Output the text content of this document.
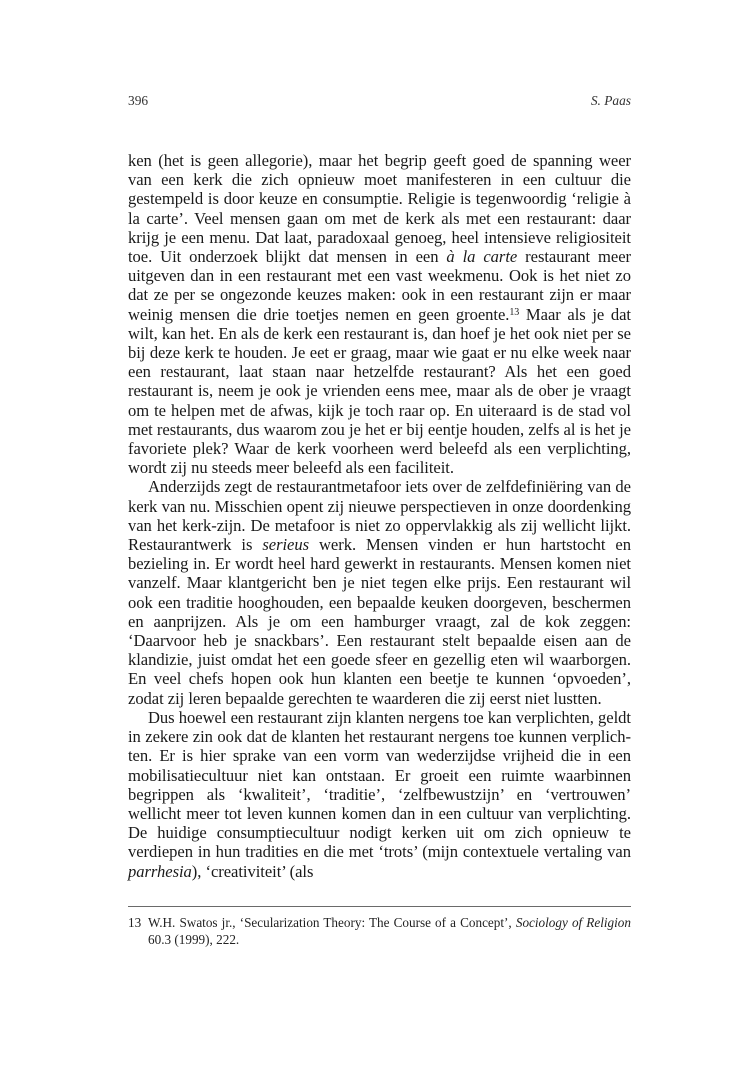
396	S. Paas

ken (het is geen allegorie), maar het begrip geeft goed de spanning weer van een kerk die zich opnieuw moet manifesteren in een cultuur die gestempeld is door keuze en consumptie. Religie is tegenwoordig ‘religie à la carte’. Veel mensen gaan om met de kerk als met een restaurant: daar krijg je een menu. Dat laat, paradoxaal genoeg, heel intensieve religiositeit toe. Uit onderzoek blijkt dat mensen in een à la carte restaurant meer uitgeven dan in een restaurant met een vast weekmenu. Ook is het niet zo dat ze per se ongezonde keuzes maken: ook in een restaurant zijn er maar weinig mensen die drie toetjes nemen en geen groente.$^{13}$ Maar als je dat wilt, kan het. En als de kerk een restaurant is, dan hoef je het ook niet per se bij deze kerk te houden. Je eet er graag, maar wie gaat er nu elke week naar een restaurant, laat staan naar hetzelfde restaurant? Als het een goed restaurant is, neem je ook je vrienden eens mee, maar als de ober je vraagt om te helpen met de afwas, kijk je toch raar op. En uiteraard is de stad vol met restaurants, dus waarom zou je het er bij eentje houden, zelfs al is het je favoriete plek? Waar de kerk voorheen werd beleefd als een verplichting, wordt zij nu steeds meer beleefd als een faciliteit.

Anderzijds zegt de restaurantmetafoor iets over de zelfdefiniëring van de kerk van nu. Misschien opent zij nieuwe perspectieven in onze doordenking van het kerk-zijn. De metafoor is niet zo oppervlakkig als zij wellicht lijkt. Restaurantwerk is serieus werk. Mensen vinden er hun hartstocht en bezieling in. Er wordt heel hard gewerkt in restaurants. Mensen komen niet vanzelf. Maar klantgericht ben je niet tegen elke prijs. Een restaurant wil ook een traditie hooghouden, een bepaalde keuken doorgeven, beschermen en aanprijzen. Als je om een hamburger vraagt, zal de kok zeggen: ‘Daarvoor heb je snackbars’. Een restaurant stelt bepaalde eisen aan de klandizie, juist omdat het een goede sfeer en gezellig eten wil waarborgen. En veel chefs hopen ook hun klanten een beetje te kunnen ‘opvoeden’, zodat zij leren bepaalde gerechten te waarderen die zij eerst niet lustten.

Dus hoewel een restaurant zijn klanten nergens toe kan verplichten, geldt in zekere zin ook dat de klanten het restaurant nergens toe kunnen verplichten. Er is hier sprake van een vorm van wederzijdse vrijheid die in een mobilisatiecultuur niet kan ontstaan. Er groeit een ruimte waarbinnen begrippen als ‘kwaliteit’, ‘traditie’, ‘zelfbewustzijn’ en ‘vertrouwen’ wellicht meer tot leven kunnen komen dan in een cultuur van verplichting. De huidige consumptiecultuur nodigt kerken uit om zich opnieuw te verdiepen in hun tradities en die met ‘trots’ (mijn contextuele vertaling van parrhesia), ‘creativiteit’ (als

13 W.H. Swatos jr., ‘Secularization Theory: The Course of a Concept’, Sociology of Religion 60.3 (1999), 222.
